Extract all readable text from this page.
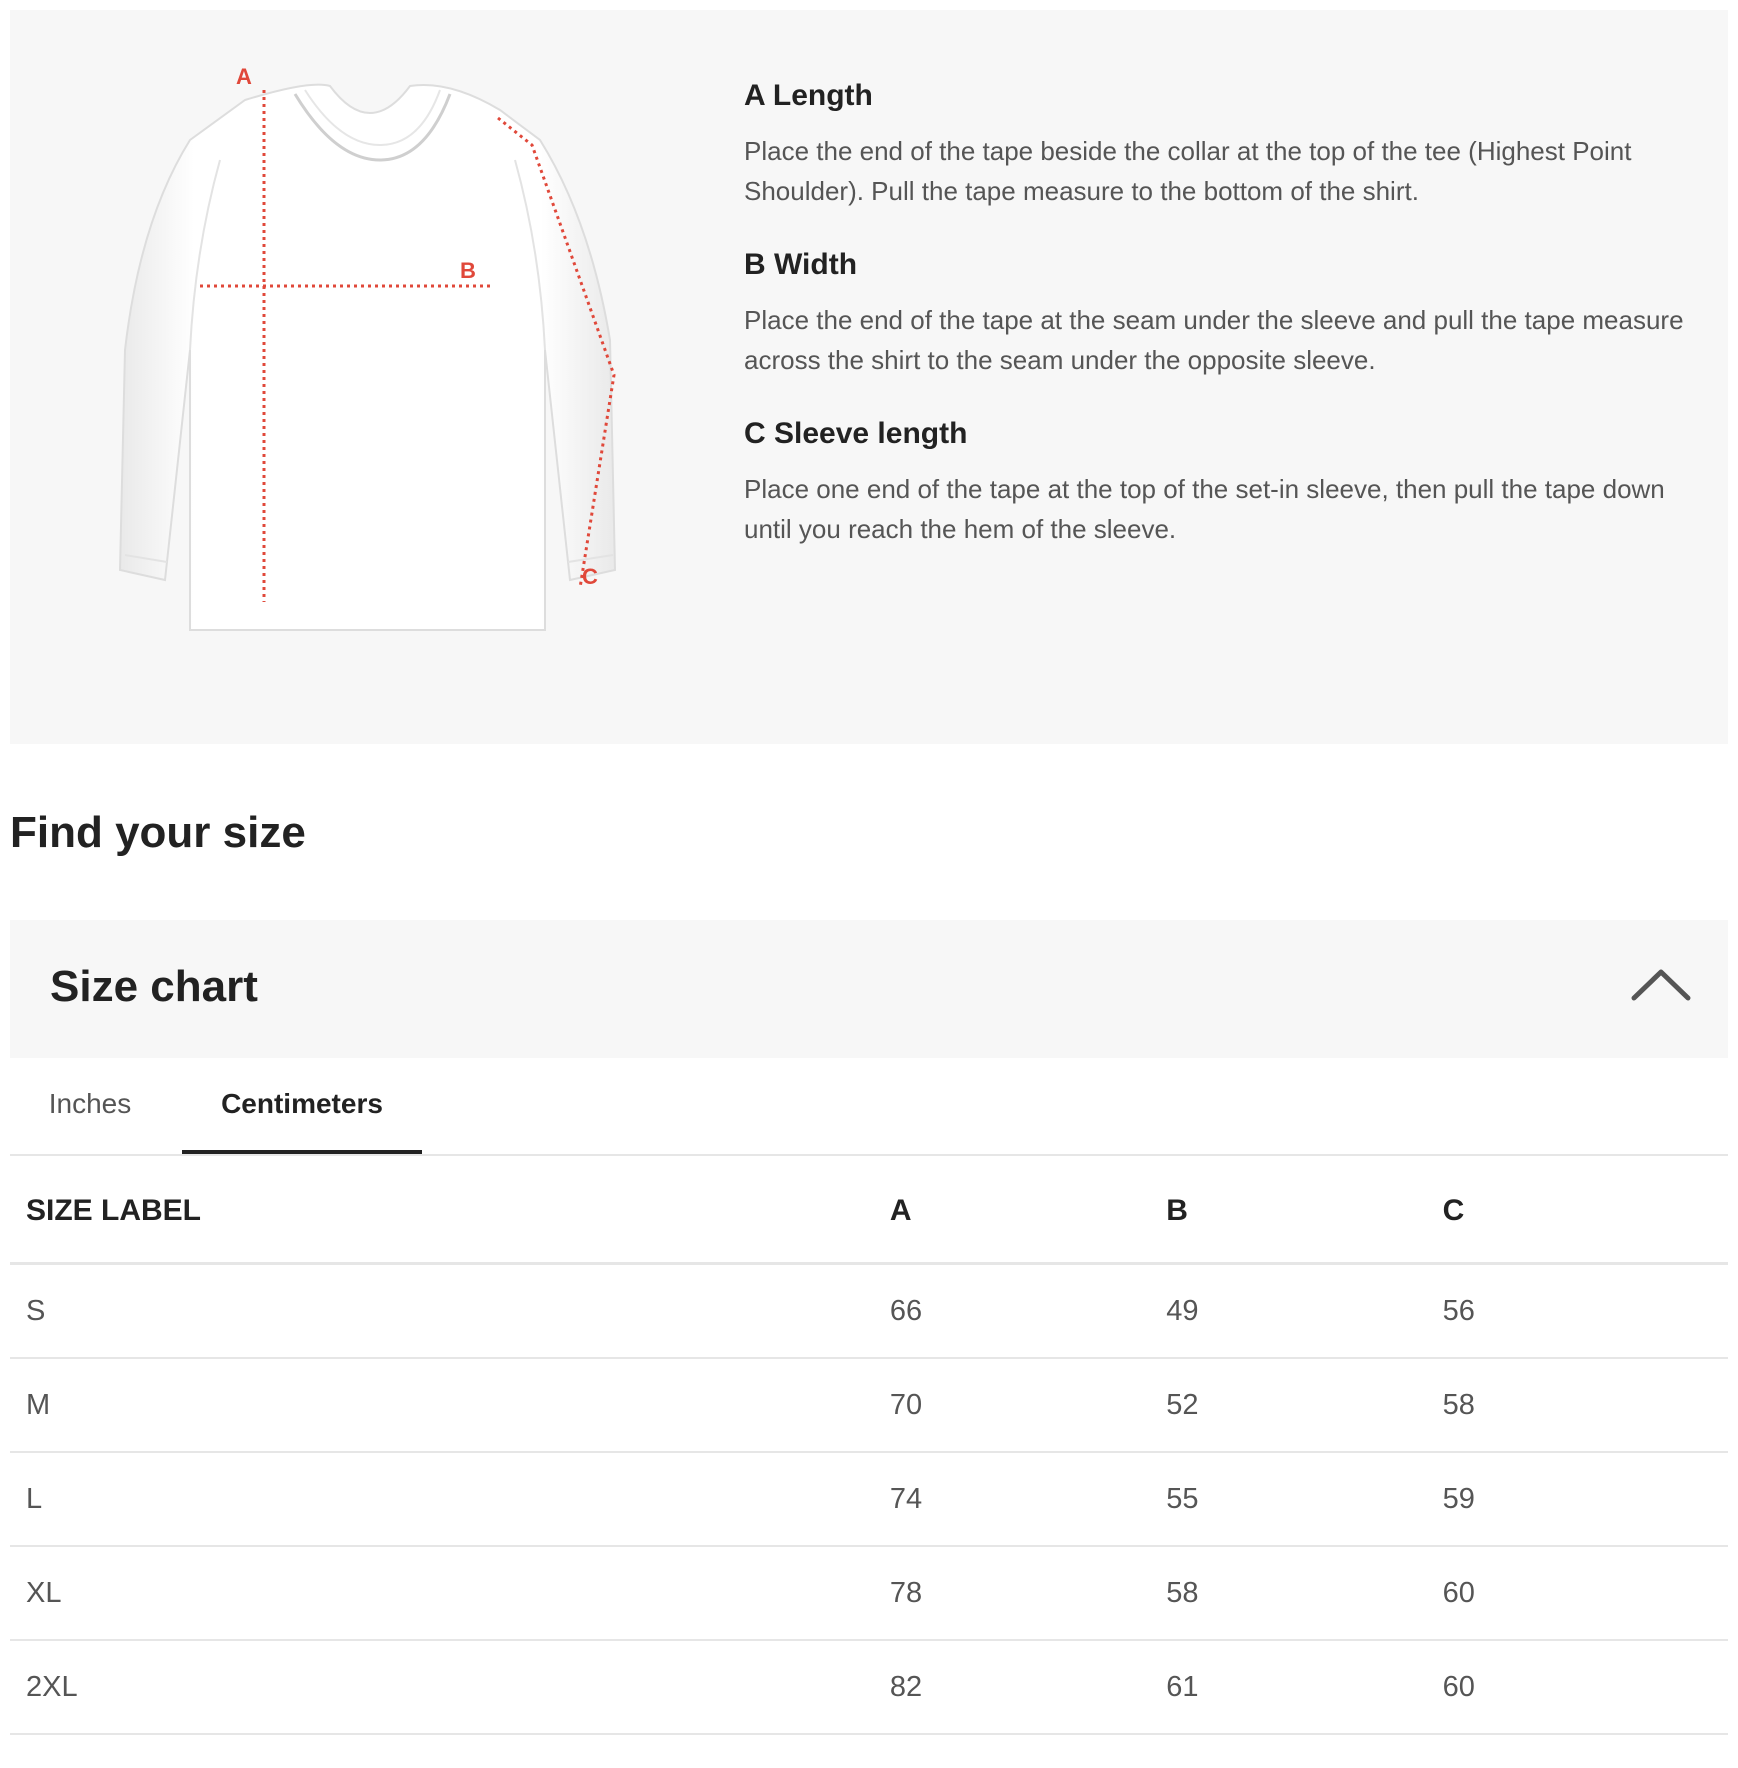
A
B
C
A Length

Place the end of the tape beside the collar at the top of the tee (Highest Point Shoulder). Pull the tape measure to the bottom of the shirt.

B Width

Place the end of the tape at the seam under the sleeve and pull the tape measure across the shirt to the seam under the opposite sleeve.

C Sleeve length

Place one end of the tape at the top of the set-in sleeve, then pull the tape down until you reach the hem of the sleeve.

Find your size
Size chart
Inches	Centimeters
SIZE LABEL	A	B	C
S	66	49	56
M	70	52	58
L	74	55	59
XL	78	58	60
2XL	82	61	60
